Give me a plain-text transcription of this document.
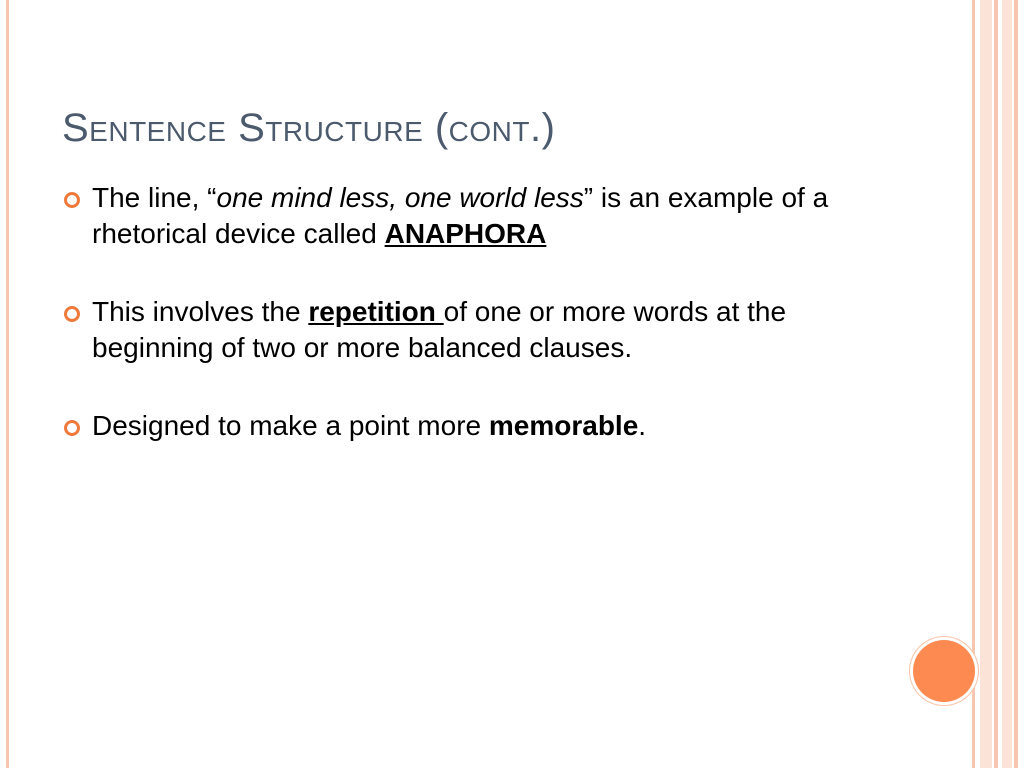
Sentence Structure (cont.)
The line, “one mind less, one world less” is an example of a rhetorical device called ANAPHORA
This involves the repetition of one or more words at the beginning of two or more balanced clauses.
Designed to make a point more memorable.
